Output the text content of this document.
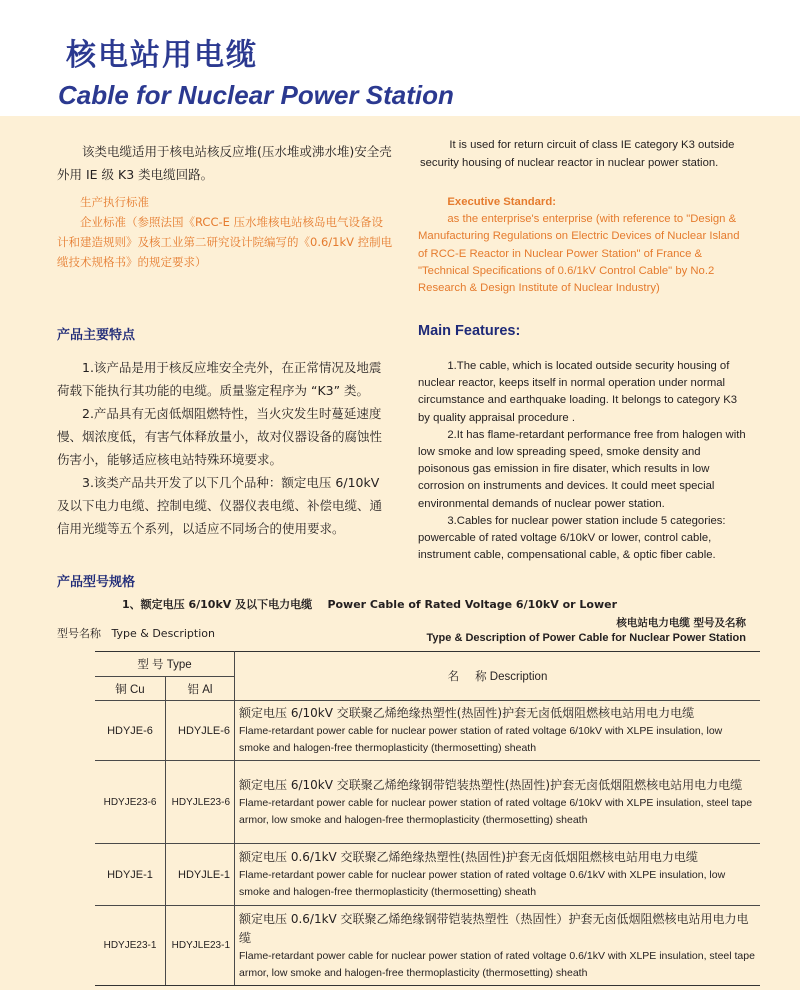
核电站用电缆
Cable for Nuclear Power Station

该类电缆适用于核电站核反应堆(压水堆或沸水堆)安全壳外用 IE 级 K3 类电缆回路。

It is used for return circuit of class IE category K3 outside security housing of nuclear reactor in nuclear power station.

生产执行标准

企业标准（参照法国《RCC-E 压水堆核电站核岛电气设备设计和建造规则》及核工业第二研究设计院编写的《0.6/1kV 控制电缆技术规格书》的规定要求）

Executive Standard:

as the enterprise's enterprise (with reference to "Design & Manufacturing Regulations on Electric Devices of Nuclear Island of RCC-E Reactor in Nuclear Power Station" of France & "Technical Specifications of 0.6/1kV Control Cable" by No.2 Research & Design Institute of Nuclear Industry)

产品主要特点	Main Features:

1.该产品是用于核反应堆安全壳外，在正常情况及地震荷载下能执行其功能的电缆。质量鉴定程序为 “K3” 类。

2.产品具有无卤低烟阻燃特性，当火灾发生时蔓延速度慢、烟浓度低，有害气体释放量小，故对仪器设备的腐蚀性伤害小，能够适应核电站特殊环境要求。

3.该类产品共开发了以下几个品种：额定电压 6/10kV 及以下电力电缆、控制电缆、仪器仪表电缆、补偿电缆、通信用光缆等五个系列，以适应不同场合的使用要求。

1.The cable, which is located outside security housing of nuclear reactor, keeps itself in normal operation under normal circumstance and earthquake loading. It belongs to category K3 by quality appraisal procedure .

2.It has flame-retardant performance free from halogen with low smoke and low spreading speed, smoke density and poisonous gas emission in fire disater, which results in low corrosion on instruments and devices. It could meet special environmental demands of nuclear power station.

3.Cables for nuclear power station include 5 categories: powercable of rated voltage 6/10kV or lower, control cable, instrument cable, compensational cable, & optic fiber cable.

产品型号规格
1、额定电压 6/10kV 及以下电力电缆    Power Cable of Rated Voltage 6/10kV or Lower
型号名称   Type & Description
核电站电力电缆 型号及名称
Type & Description of Power Cable for Nuclear Power Station
型 号 Type		名     称 Description
铜 Cu	铝 Al	
HDYJE-6	HDYJLE-6	额定电压 6/10kV 交联聚乙烯绝缘热塑性(热固性)护套无卤低烟阻燃核电站用电力电缆
Flame-retardant power cable for nuclear power station of rated voltage 6/10kV with XLPE insulation, low smoke and halogen-free thermoplasticity (thermosetting) sheath

HDYJE23-6	HDYJLE23-6	额定电压 6/10kV 交联聚乙烯绝缘钢带铠装热塑性(热固性)护套无卤低烟阻燃核电站用电力电缆
Flame-retardant power cable for nuclear power station of rated voltage 6/10kV with XLPE insulation, steel tape armor, low smoke and halogen-free thermoplasticity (thermosetting) sheath

HDYJE-1	HDYJLE-1	额定电压 0.6/1kV 交联聚乙烯绝缘热塑性(热固性)护套无卤低烟阻燃核电站用电力电缆
Flame-retardant power cable for nuclear power station of rated voltage 0.6/1kV with XLPE insulation, low smoke and halogen-free thermoplasticity (thermosetting) sheath

HDYJE23-1	HDYJLE23-1	额定电压 0.6/1kV 交联聚乙烯绝缘钢带铠装热塑性（热固性）护套无卤低烟阻燃核电站用电力电缆
Flame-retardant power cable for nuclear power station of rated voltage 0.6/1kV with XLPE insulation, steel tape armor, low smoke and halogen-free thermoplasticity (thermosetting) sheath
